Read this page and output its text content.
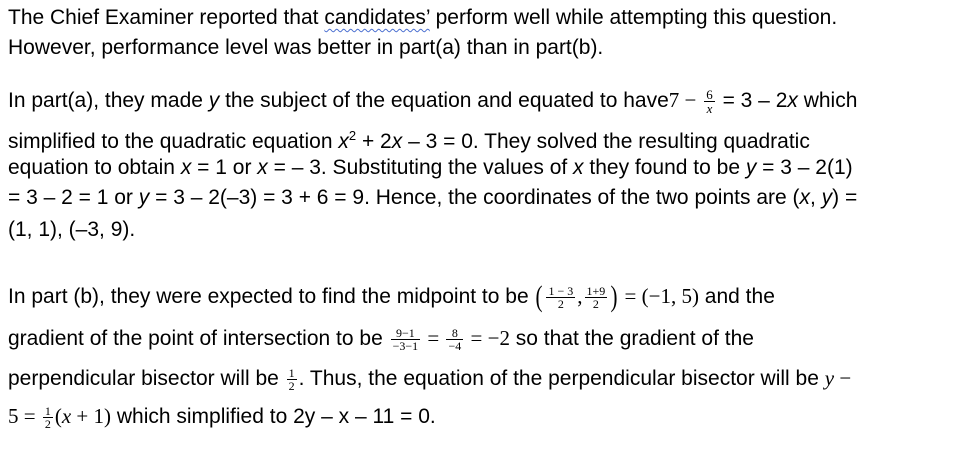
The Chief Examiner reported that candidates’ perform well while attempting this question.
However, performance level was better in part(a) than in part(b).
In part(a), they made y the subject of the equation and equated to have7 − $\frac{6}{x} = 3 - 2x$ which
simplified to the quadratic equation $x^2 + 2x - 3 = 0$. They solved the resulting quadratic
equation to obtain x = 1 or x = – 3. Substituting the values of x they found to be y = 3 – 2(1)
= 3 – 2 = 1 or y = 3 – 2(–3) = 3 + 6 = 9. Hence, the coordinates of the two points are (x, y) =
(1, 1), (–3, 9).
In part (b), they were expected to find the midpoint to be ( $\frac{1 - 3}{2}$ , $\frac{1+9}{2}$ ) = (−1, 5) and the
gradient of the point of intersection to be $\frac{9-1}{-3-1} = \frac{8}{-4} = -2$ so that the gradient of the
perpendicular bisector will be $\frac{1}{2}$ . Thus, the equation of the perpendicular bisector will be y −
$5 = \frac{1}{2} (x + 1)$ which simplified to 2y – x – 11 = 0.
